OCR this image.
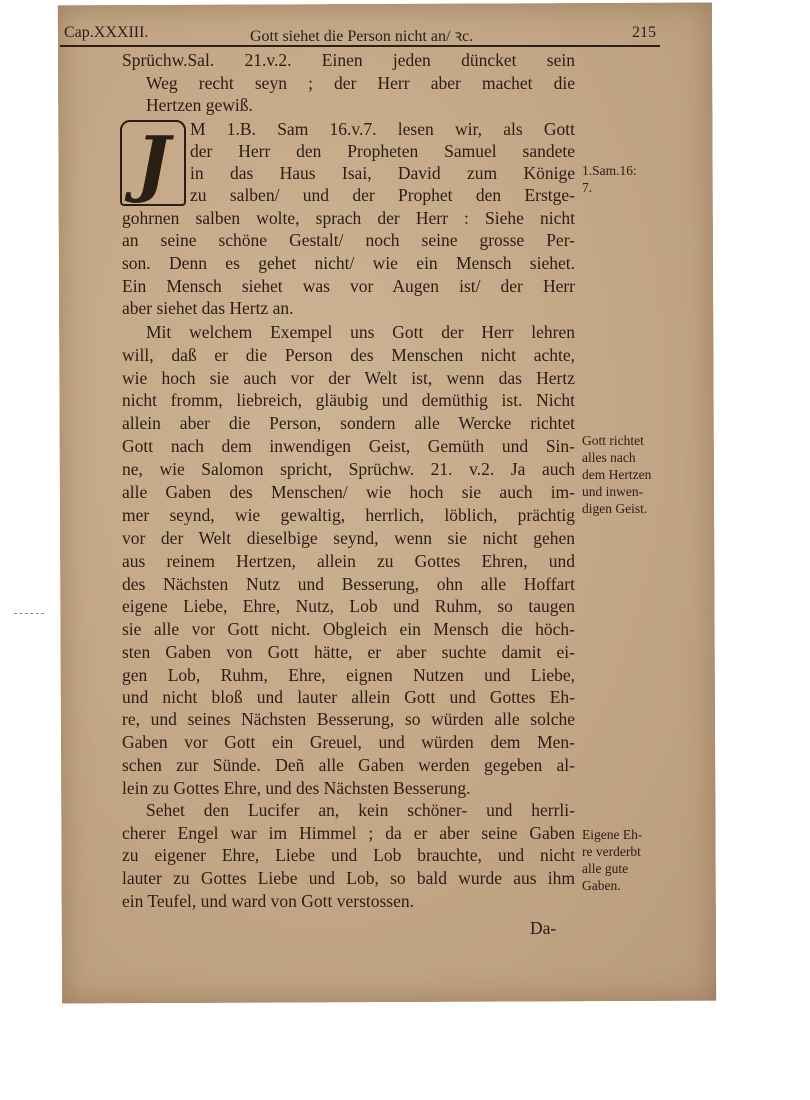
Cap.XXXIII.	Gott siehet die Person nicht an/ ꝛc.	215
J
Sprüchw.Sal. 21.v.2. Einen jeden düncket sein
Weg recht seyn ; der Herr aber machet die
Hertzen gewiß.
M 1.B. Sam 16.v.7. lesen wir, als Gott
der Herr den Propheten Samuel sandete
in das Haus Isai, David zum Könige
zu salben/ und der Prophet den Erstge-
gohrnen salben wolte, sprach der Herr : Siehe nicht
an seine schöne Gestalt/ noch seine grosse Per-
son. Denn es gehet nicht/ wie ein Mensch siehet.
Ein Mensch siehet was vor Augen ist/ der Herr
aber siehet das Hertz an.
Mit welchem Exempel uns Gott der Herr lehren
will, daß er die Person des Menschen nicht achte,
wie hoch sie auch vor der Welt ist, wenn das Hertz
nicht fromm, liebreich, gläubig und demüthig ist. Nicht
allein aber die Person, sondern alle Wercke richtet
Gott nach dem inwendigen Geist, Gemüth und Sin-
ne, wie Salomon spricht, Sprüchw. 21. v.2. Ja auch
alle Gaben des Menschen/ wie hoch sie auch im-
mer seynd, wie gewaltig, herrlich, löblich, prächtig
vor der Welt dieselbige seynd, wenn sie nicht gehen
aus reinem Hertzen, allein zu Gottes Ehren, und
des Nächsten Nutz und Besserung, ohn alle Hoffart
eigene Liebe, Ehre, Nutz, Lob und Ruhm, so taugen
sie alle vor Gott nicht. Obgleich ein Mensch die höch-
sten Gaben von Gott hätte, er aber suchte damit ei-
gen Lob, Ruhm, Ehre, eignen Nutzen und Liebe,
und nicht bloß und lauter allein Gott und Gottes Eh-
re, und seines Nächsten Besserung, so würden alle solche
Gaben vor Gott ein Greuel, und würden dem Men-
schen zur Sünde. Deñ alle Gaben werden gegeben al-
lein zu Gottes Ehre, und des Nächsten Besserung.
Sehet den Lucifer an, kein schöner- und herrli-
cherer Engel war im Himmel ; da er aber seine Gaben
zu eigener Ehre, Liebe und Lob brauchte, und nicht
lauter zu Gottes Liebe und Lob, so bald wurde aus ihm
ein Teufel, und ward von Gott verstossen.
1.Sam.16:
7.
Gott richtet
alles nach
dem Hertzen
und inwen-
digen Geist.
Eigene Eh-
re verderbt
alle gute
Gaben.
Da-
